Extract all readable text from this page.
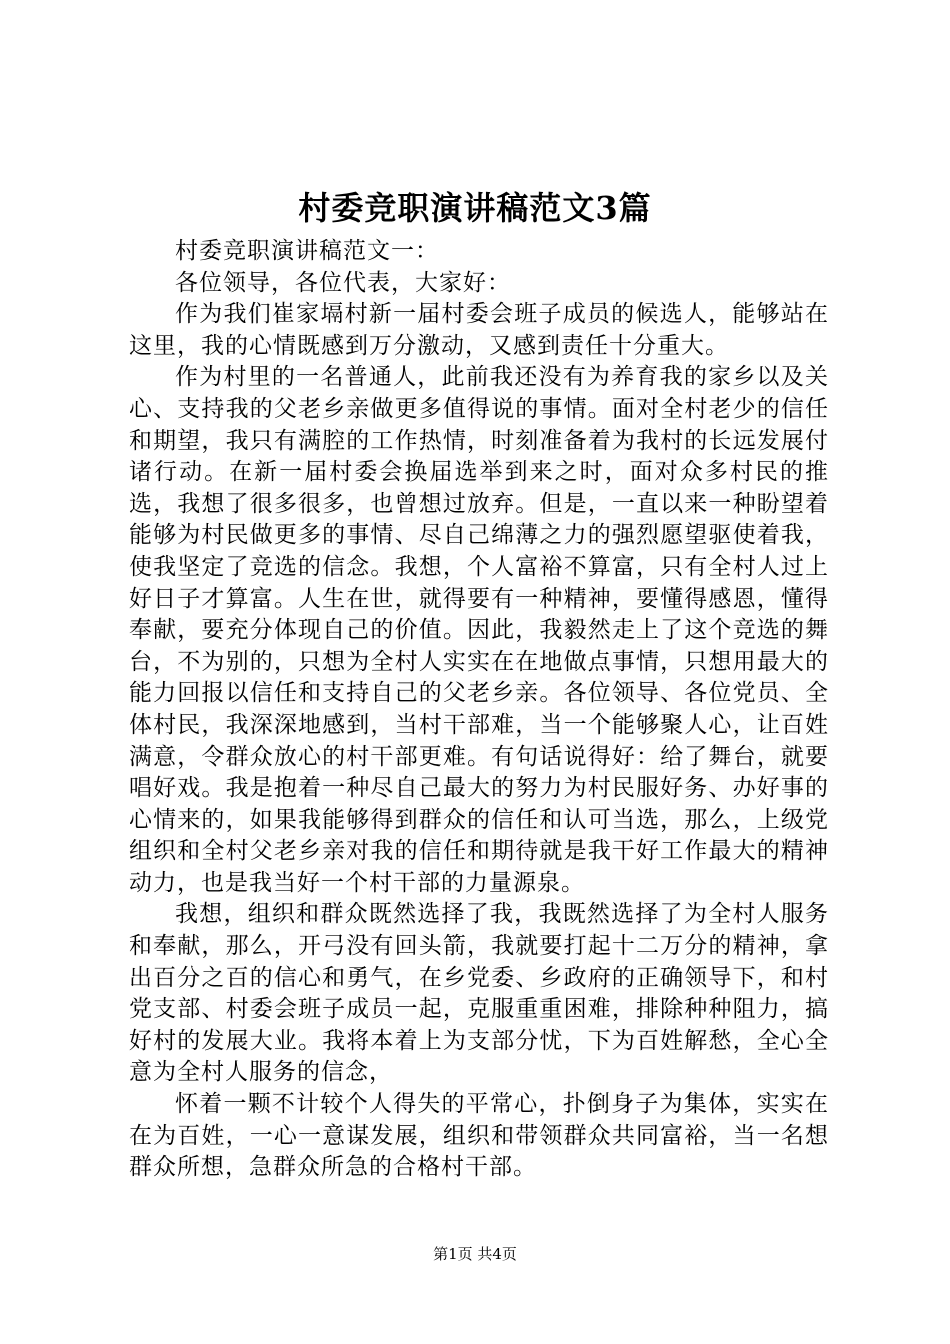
村委竞职演讲稿范文3篇

村委竞职演讲稿范文一：

各位领导，各位代表，大家好：

作为我们崔家塥村新一届村委会班子成员的候选人，能够站在这里，我的心情既感到万分激动，又感到责任十分重大。

作为村里的一名普通人，此前我还没有为养育我的家乡以及关心、支持我的父老乡亲做更多值得说的事情。面对全村老少的信任和期望，我只有满腔的工作热情，时刻准备着为我村的长远发展付诸行动。在新一届村委会换届选举到来之时，面对众多村民的推选，我想了很多很多，也曾想过放弃。但是，一直以来一种盼望着能够为村民做更多的事情、尽自己绵薄之力的强烈愿望驱使着我，使我坚定了竞选的信念。我想，个人富裕不算富，只有全村人过上好日子才算富。人生在世，就得要有一种精神，要懂得感恩，懂得奉献，要充分体现自己的价值。因此，我毅然走上了这个竞选的舞台，不为别的，只想为全村人实实在在地做点事情，只想用最大的能力回报以信任和支持自己的父老乡亲。各位领导、各位党员、全体村民，我深深地感到，当村干部难，当一个能够聚人心，让百姓满意，令群众放心的村干部更难。有句话说得好：给了舞台，就要唱好戏。我是抱着一种尽自己最大的努力为村民服好务、办好事的心情来的，如果我能够得到群众的信任和认可当选，那么，上级党组织和全村父老乡亲对我的信任和期待就是我干好工作最大的精神动力，也是我当好一个村干部的力量源泉。

我想，组织和群众既然选择了我，我既然选择了为全村人服务和奉献，那么，开弓没有回头箭，我就要打起十二万分的精神，拿出百分之百的信心和勇气，在乡党委、乡政府的正确领导下，和村党支部、村委会班子成员一起，克服重重困难，排除种种阻力，搞好村的发展大业。我将本着上为支部分忧，下为百姓解愁，全心全意为全村人服务的信念，

怀着一颗不计较个人得失的平常心，扑倒身子为集体，实实在在为百姓，一心一意谋发展，组织和带领群众共同富裕，当一名想群众所想，急群众所急的合格村干部。

第1页 共4页
